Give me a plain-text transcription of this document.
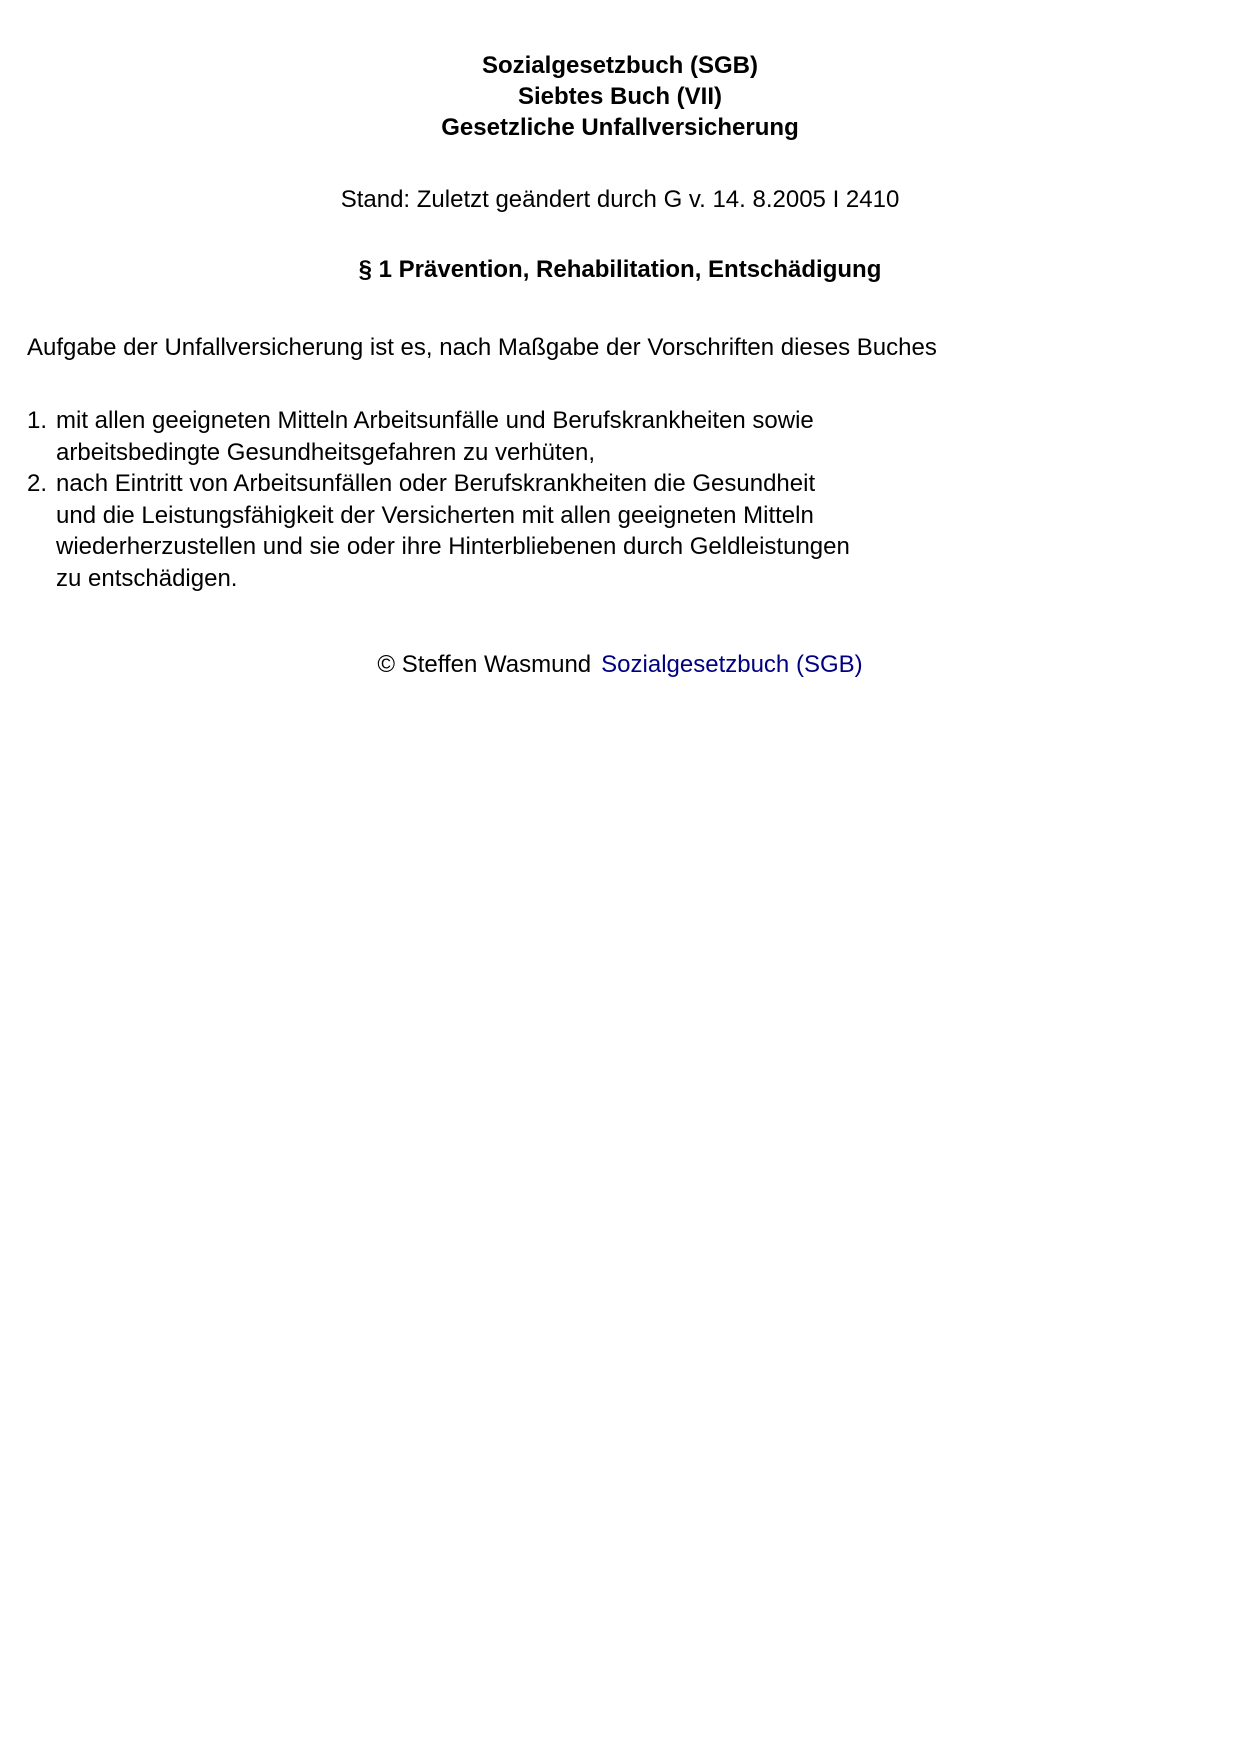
Sozialgesetzbuch (SGB)
Siebtes Buch (VII)
Gesetzliche Unfallversicherung
Stand: Zuletzt geändert durch G v. 14. 8.2005 I 2410
§ 1 Prävention, Rehabilitation, Entschädigung
Aufgabe der Unfallversicherung ist es, nach Maßgabe der Vorschriften dieses Buches
1. mit allen geeigneten Mitteln Arbeitsunfälle und Berufskrankheiten sowie
arbeitsbedingte Gesundheitsgefahren zu verhüten,
2. nach Eintritt von Arbeitsunfällen oder Berufskrankheiten die Gesundheit
und die Leistungsfähigkeit der Versicherten mit allen geeigneten Mitteln
wiederherzustellen und sie oder ihre Hinterbliebenen durch Geldleistungen
zu entschädigen.
© Steffen Wasmund Sozialgesetzbuch (SGB)
